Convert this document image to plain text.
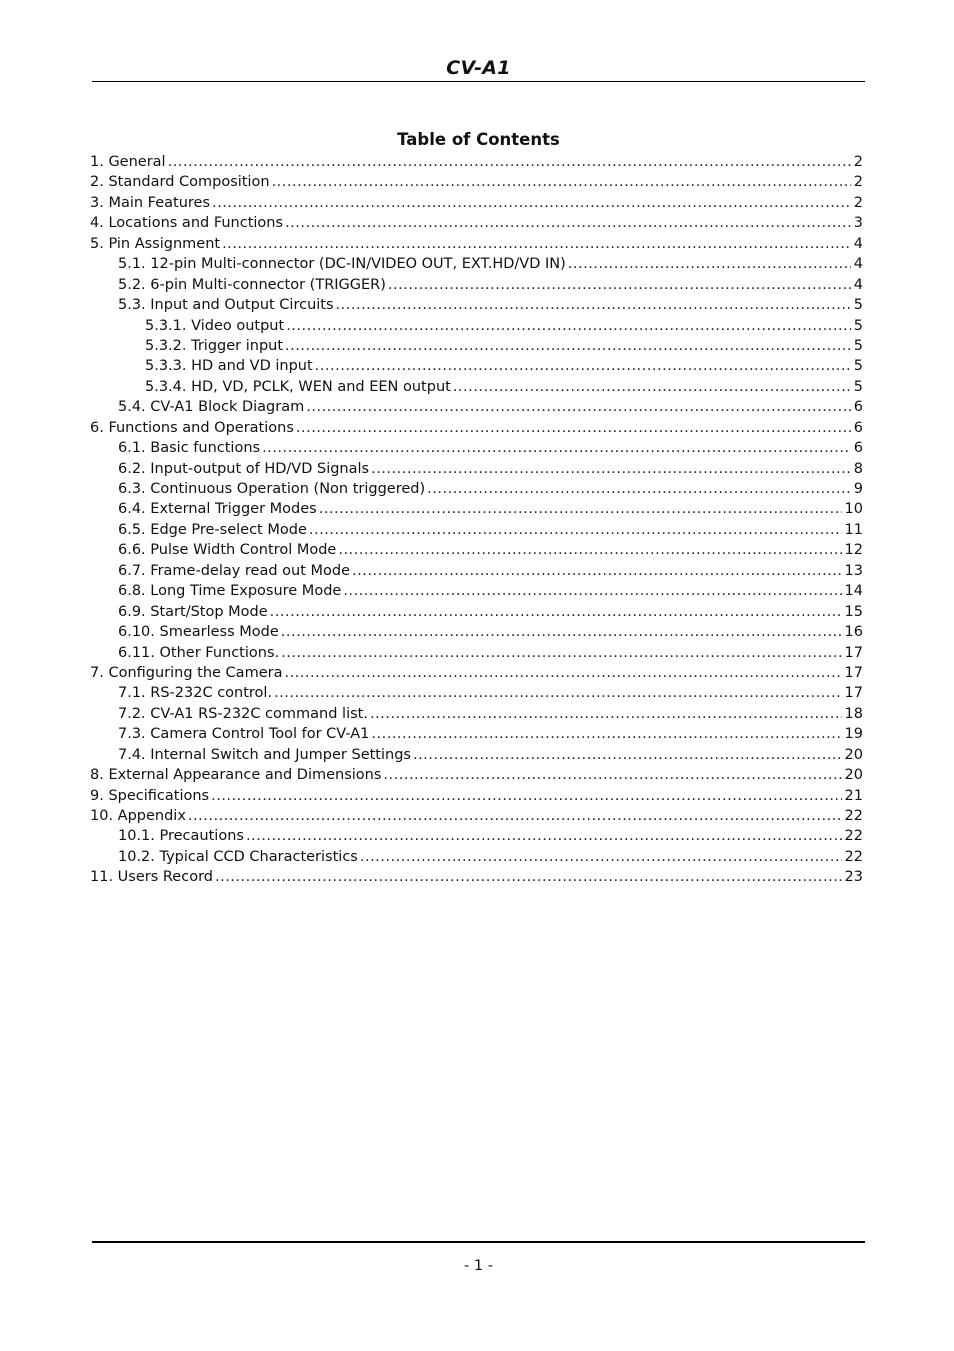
CV-A1
Table of Contents
1. General .....	2
2. Standard Composition .....	2
3. Main Features .....	2
4. Locations and Functions .....	3
5. Pin Assignment .....	4
5.1. 12-pin Multi-connector (DC-IN/VIDEO OUT, EXT.HD/VD IN) .....	4
5.2. 6-pin Multi-connector (TRIGGER) .....	4
5.3. Input and Output Circuits .....	5
5.3.1. Video output .....	5
5.3.2. Trigger input .....	5
5.3.3. HD and VD input .....	5
5.3.4. HD, VD, PCLK, WEN and EEN output .....	5
5.4. CV-A1 Block Diagram .....	6
6. Functions and Operations .....	6
6.1. Basic functions .....	6
6.2. Input-output of HD/VD Signals .....	8
6.3. Continuous Operation (Non triggered) .....	9
6.4. External Trigger Modes .....	10
6.5. Edge Pre-select Mode .....	11
6.6. Pulse Width Control Mode .....	12
6.7. Frame-delay read out Mode .....	13
6.8. Long Time Exposure Mode .....	14
6.9. Start/Stop Mode .....	15
6.10. Smearless Mode .....	16
6.11. Other Functions. .....	17
7. Configuring the Camera .....	17
7.1. RS-232C control. .....	17
7.2. CV-A1 RS-232C command list. .....	18
7.3. Camera Control Tool for CV-A1 .....	19
7.4. Internal Switch and Jumper Settings .....	20
8. External Appearance and Dimensions .....	20
9. Specifications .....	21
10. Appendix .....	22
10.1. Precautions .....	22
10.2. Typical CCD Characteristics .....	22
11. Users Record .....	23
- 1 -
